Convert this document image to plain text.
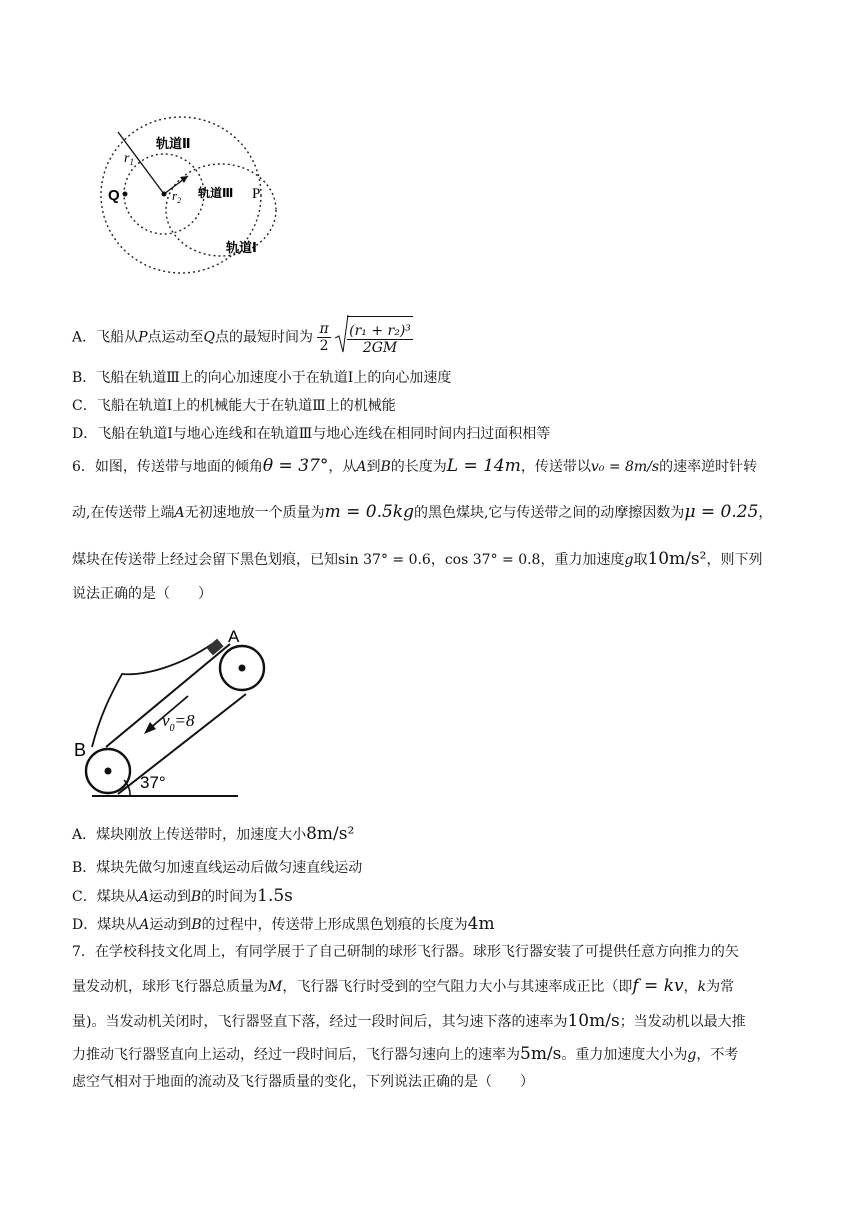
$r_1$
$r_2$
轨道Ⅱ
轨道Ⅲ
轨道Ⅰ
Q	P
A．飞船从P点运动至Q点的最短时间为 $\frac{\pi}{2}$
$\frac{\text{(r₁ + r₂)³}}{2GM}$
B．飞船在轨道Ⅲ上的向心加速度小于在轨道Ⅰ上的向心加速度
C．飞船在轨道Ⅰ上的机械能大于在轨道Ⅲ上的机械能
D．飞船在轨道Ⅰ与地心连线和在轨道Ⅲ与地心连线在相同时间内扫过面积相等
6．如图，传送带与地面的倾角θ = 37°，从A到B的长度为L = 14m，传送带以v₀ = 8m/s的速率逆时针转
动,在传送带上端A无初速地放一个质量为m = 0.5kg的黑色煤块,它与传送带之间的动摩擦因数为μ = 0.25，
煤块在传送带上经过会留下黑色划痕，已知sin 37° = 0.6，cos 37° = 0.8，重力加速度g取10m/s²，则下列
说法正确的是（　　）
A
B
$v_0=8$
37°
A．煤块刚放上传送带时，加速度大小8m/s²
B．煤块先做匀加速直线运动后做匀速直线运动
C．煤块从A运动到B的时间为1.5s
D．煤块从A运动到B的过程中，传送带上形成黑色划痕的长度为4m
7．在学校科技文化周上，有同学展于了自己研制的球形飞行器。球形飞行器安装了可提供任意方向推力的矢
量发动机，球形飞行器总质量为M，飞行器飞行时受到的空气阻力大小与其速率成正比（即f = kv，k为常
量)。当发动机关闭时，飞行器竖直下落，经过一段时间后，其匀速下落的速率为10m/s；当发动机以最大推
力推动飞行器竖直向上运动，经过一段时间后，飞行器匀速向上的速率为5m/s。重力加速度大小为g，不考
虑空气相对于地面的流动及飞行器质量的变化，下列说法正确的是（　　）
